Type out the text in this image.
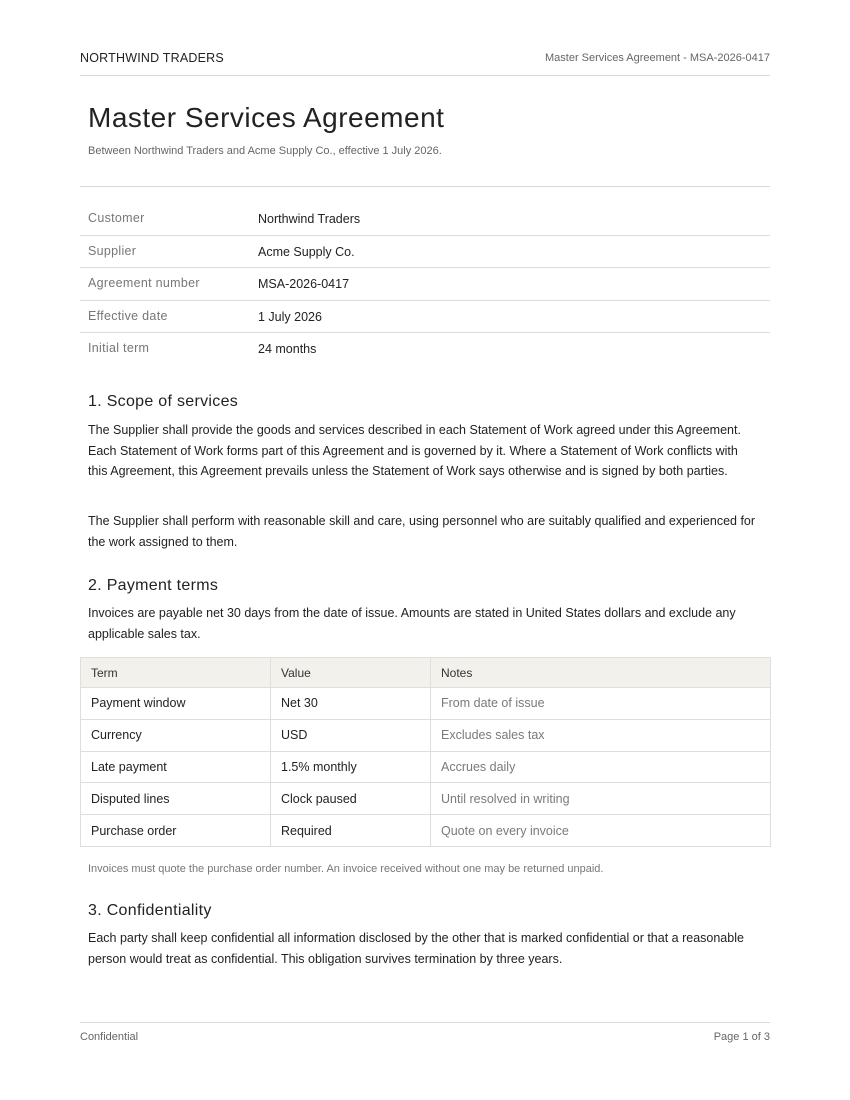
NORTHWIND TRADERS	Master Services Agreement - MSA-2026-0417
Master Services Agreement

Between Northwind Traders and Acme Supply Co., effective 1 July 2026.

Customer	Northwind Traders
Supplier	Acme Supply Co.
Agreement number	MSA-2026-0417
Effective date	1 July 2026
Initial term	24 months
1. Scope of services

The Supplier shall provide the goods and services described in each Statement of Work agreed under this Agreement. Each Statement of Work forms part of this Agreement and is governed by it. Where a Statement of Work conflicts with this Agreement, this Agreement prevails unless the Statement of Work says otherwise and is signed by both parties.

The Supplier shall perform with reasonable skill and care, using personnel who are suitably qualified and experienced for the work assigned to them.

2. Payment terms

Invoices are payable net 30 days from the date of issue. Amounts are stated in United States dollars and exclude any applicable sales tax.

Term	Value	Notes
Payment window	Net 30	From date of issue
Currency	USD	Excludes sales tax
Late payment	1.5% monthly	Accrues daily
Disputed lines	Clock paused	Until resolved in writing
Purchase order	Required	Quote on every invoice

Invoices must quote the purchase order number. An invoice received without one may be returned unpaid.

3. Confidentiality

Each party shall keep confidential all information disclosed by the other that is marked confidential or that a reasonable person would treat as confidential. This obligation survives termination by three years.

Confidential	Page 1 of 3
